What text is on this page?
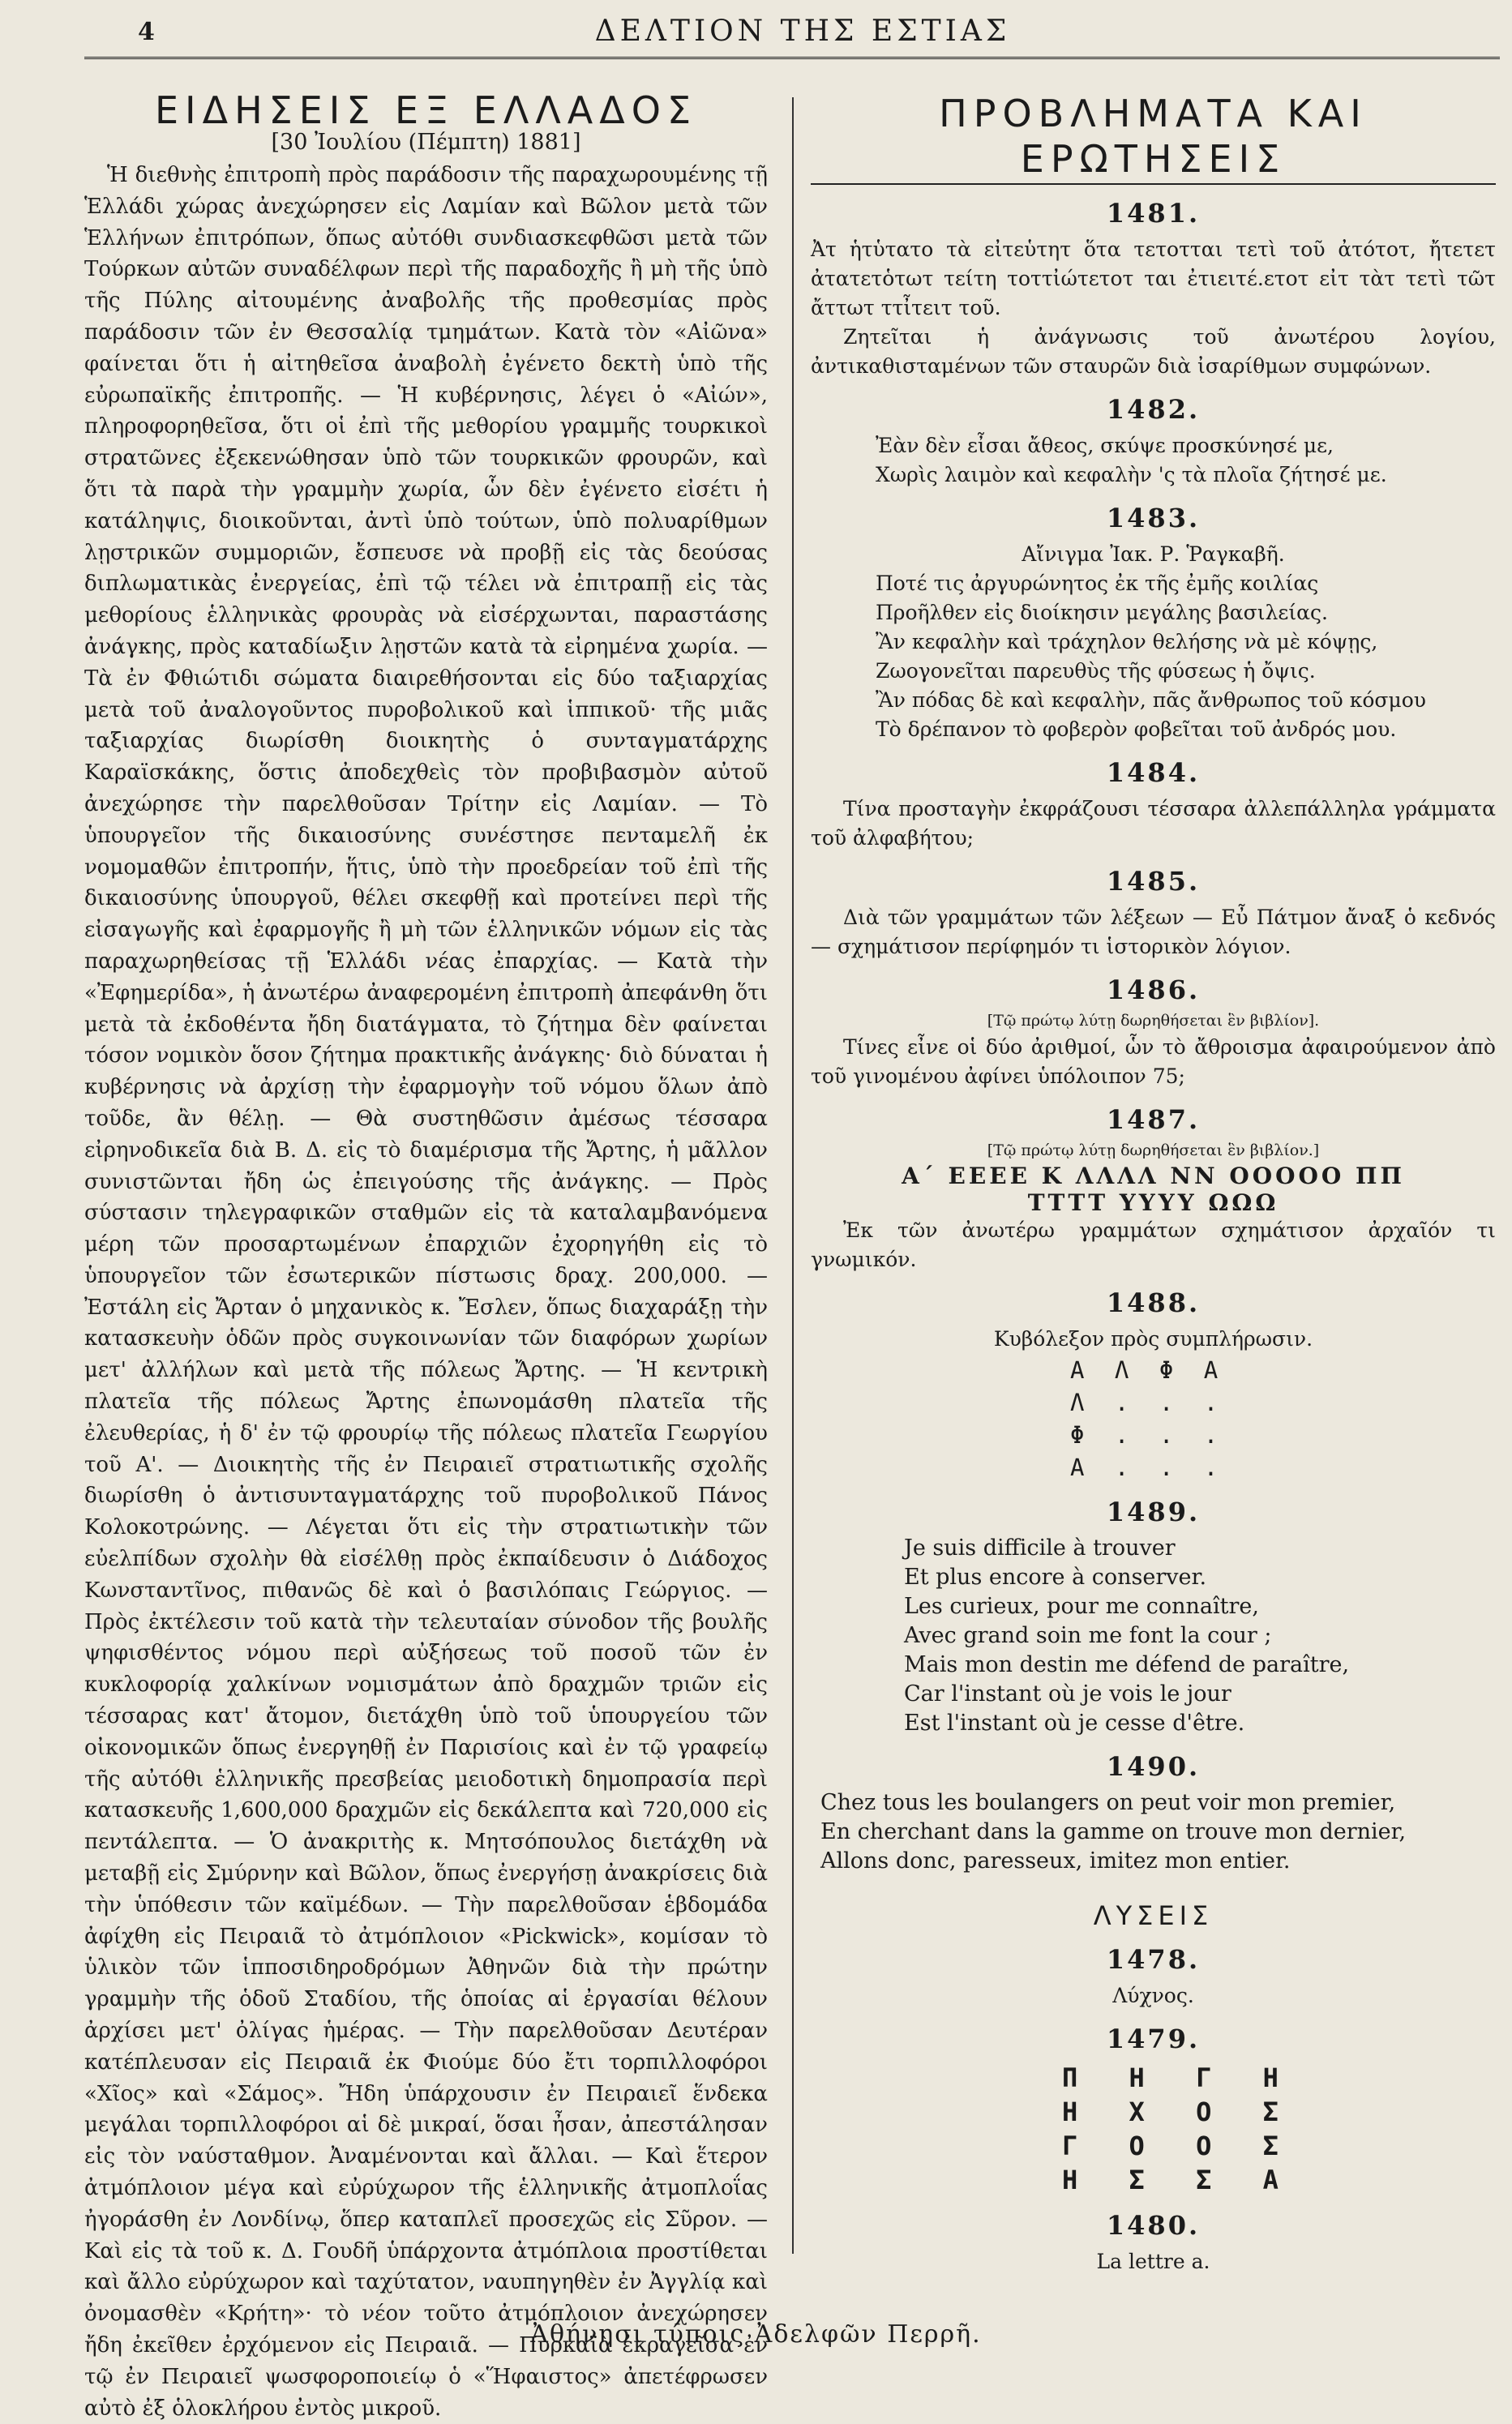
4	ΔΕΛΤΙΟΝ ΤΗΣ ΕΣΤΙΑΣ
ΕΙΔΗΣΕΙΣ ΕΞ ΕΛΛΑΔΟΣ
[30 Ἰουλίου (Πέμπτη) 1881]

Ἡ διεθνὴς ἐπιτροπὴ πρὸς παράδοσιν τῆς παραχωρουμένης τῇ Ἑλλάδι χώρας ἀνεχώρησεν εἰς Λαμίαν καὶ Βῶλον μετὰ τῶν Ἑλλήνων ἐπιτρόπων, ὅπως αὐτόθι συνδιασκεφθῶσι μετὰ τῶν Τούρκων αὐτῶν συναδέλφων περὶ τῆς παραδοχῆς ἢ μὴ τῆς ὑπὸ τῆς Πύλης αἰτουμένης ἀναβολῆς τῆς προθεσμίας πρὸς παράδοσιν τῶν ἐν Θεσσαλίᾳ τμημάτων. Κατὰ τὸν «Αἰῶνα» φαίνεται ὅτι ἡ αἰτηθεῖσα ἀναβολὴ ἐγένετο δεκτὴ ὑπὸ τῆς εὐρωπαϊκῆς ἐπιτροπῆς. — Ἡ κυβέρνησις, λέγει ὁ «Αἰών», πληροφορηθεῖσα, ὅτι οἱ ἐπὶ τῆς μεθορίου γραμμῆς τουρκικοὶ στρατῶνες ἐξεκενώθησαν ὑπὸ τῶν τουρκικῶν φρουρῶν, καὶ ὅτι τὰ παρὰ τὴν γραμμὴν χωρία, ὧν δὲν ἐγένετο εἰσέτι ἡ κατάληψις, διοικοῦνται, ἀντὶ ὑπὸ τούτων, ὑπὸ πολυαρίθμων λῃστρικῶν συμμοριῶν, ἔσπευσε νὰ προβῇ εἰς τὰς δεούσας διπλωματικὰς ἐνεργείας, ἐπὶ τῷ τέλει νὰ ἐπιτραπῇ εἰς τὰς μεθορίους ἑλληνικὰς φρουρὰς νὰ εἰσέρχωνται, παραστάσης ἀνάγκης, πρὸς καταδίωξιν λῃστῶν κατὰ τὰ εἰρημένα χωρία. — Τὰ ἐν Φθιώτιδι σώματα διαιρεθήσονται εἰς δύο ταξιαρχίας μετὰ τοῦ ἀναλογοῦντος πυροβολικοῦ καὶ ἱππικοῦ· τῆς μιᾶς ταξιαρχίας διωρίσθη διοικητὴς ὁ συνταγματάρχης Καραϊσκάκης, ὅστις ἀποδεχθεὶς τὸν προβιβασμὸν αὐτοῦ ἀνεχώρησε τὴν παρελθοῦσαν Τρίτην εἰς Λαμίαν. — Τὸ ὑπουργεῖον τῆς δικαιοσύνης συνέστησε πενταμελῆ ἐκ νομομαθῶν ἐπιτροπήν, ἥτις, ὑπὸ τὴν προεδρείαν τοῦ ἐπὶ τῆς δικαιοσύνης ὑπουργοῦ, θέλει σκεφθῇ καὶ προτείνει περὶ τῆς εἰσαγωγῆς καὶ ἐφαρμογῆς ἢ μὴ τῶν ἑλληνικῶν νόμων εἰς τὰς παραχωρηθείσας τῇ Ἑλλάδι νέας ἐπαρχίας. — Κατὰ τὴν «Ἐφημερίδα», ἡ ἀνωτέρω ἀναφερομένη ἐπιτροπὴ ἀπεφάνθη ὅτι μετὰ τὰ ἐκδοθέντα ἤδη διατάγματα, τὸ ζήτημα δὲν φαίνεται τόσον νομικὸν ὅσον ζήτημα πρακτικῆς ἀνάγκης· διὸ δύναται ἡ κυβέρνησις νὰ ἀρχίσῃ τὴν ἐφαρμογὴν τοῦ νόμου ὅλων ἀπὸ τοῦδε, ἂν θέλῃ. — Θὰ συστηθῶσιν ἀμέσως τέσσαρα εἰρηνοδικεῖα διὰ Β. Δ. εἰς τὸ διαμέρισμα τῆς Ἄρτης, ἡ μᾶλλον συνιστῶνται ἤδη ὡς ἐπειγούσης τῆς ἀνάγκης. — Πρὸς σύστασιν τηλεγραφικῶν σταθμῶν εἰς τὰ καταλαμβανόμενα μέρη τῶν προσαρτωμένων ἐπαρχιῶν ἐχορηγήθη εἰς τὸ ὑπουργεῖον τῶν ἐσωτερικῶν πίστωσις δραχ. 200,000. — Ἐστάλη εἰς Ἄρταν ὁ μηχανικὸς κ. Ἔσλεν, ὅπως διαχαράξῃ τὴν κατασκευὴν ὁδῶν πρὸς συγκοινωνίαν τῶν διαφόρων χωρίων μετ' ἀλλήλων καὶ μετὰ τῆς πόλεως Ἄρτης. — Ἡ κεντρικὴ πλατεῖα τῆς πόλεως Ἄρτης ἐπωνομάσθη πλατεῖα τῆς ἐλευθερίας, ἡ δ' ἐν τῷ φρουρίῳ τῆς πόλεως πλατεῖα Γεωργίου τοῦ Α'. — Διοικητὴς τῆς ἐν Πειραιεῖ στρατιωτικῆς σχολῆς διωρίσθη ὁ ἀντισυνταγματάρχης τοῦ πυροβολικοῦ Πάνος Κολοκοτρώνης. — Λέγεται ὅτι εἰς τὴν στρατιωτικὴν τῶν εὐελπίδων σχολὴν θὰ εἰσέλθῃ πρὸς ἐκπαίδευσιν ὁ Διάδοχος Κωνσταντῖνος, πιθανῶς δὲ καὶ ὁ βασιλόπαις Γεώργιος. — Πρὸς ἐκτέλεσιν τοῦ κατὰ τὴν τελευταίαν σύνοδον τῆς βουλῆς ψηφισθέντος νόμου περὶ αὐξήσεως τοῦ ποσοῦ τῶν ἐν κυκλοφορίᾳ χαλκίνων νομισμάτων ἀπὸ δραχμῶν τριῶν εἰς τέσσαρας κατ' ἄτομον, διετάχθη ὑπὸ τοῦ ὑπουργείου τῶν οἰκονομικῶν ὅπως ἐνεργηθῇ ἐν Παρισίοις καὶ ἐν τῷ γραφείῳ τῆς αὐτόθι ἑλληνικῆς πρεσβείας μειοδοτικὴ δημοπρασία περὶ κατασκευῆς 1,600,000 δραχμῶν εἰς δεκάλεπτα καὶ 720,000 εἰς πεντάλεπτα. — Ὁ ἀνακριτὴς κ. Μητσόπουλος διετάχθη νὰ μεταβῇ εἰς Σμύρνην καὶ Βῶλον, ὅπως ἐνεργήσῃ ἀνακρίσεις διὰ τὴν ὑπόθεσιν τῶν καϊμέδων. — Τὴν παρελθοῦσαν ἑβδομάδα ἀφίχθη εἰς Πειραιᾶ τὸ ἀτμόπλοιον «Pickwick», κομίσαν τὸ ὑλικὸν τῶν ἱπποσιδηροδρόμων Ἀθηνῶν διὰ τὴν πρώτην γραμμὴν τῆς ὁδοῦ Σταδίου, τῆς ὁποίας αἱ ἐργασίαι θέλουν ἀρχίσει μετ' ὀλίγας ἡμέρας. — Τὴν παρελθοῦσαν Δευτέραν κατέπλευσαν εἰς Πειραιᾶ ἐκ Φιούμε δύο ἔτι τορπιλλοφόροι «Χῖος» καὶ «Σάμος». Ἤδη ὑπάρχουσιν ἐν Πειραιεῖ ἕνδεκα μεγάλαι τορπιλλοφόροι αἱ δὲ μικραί, ὅσαι ἦσαν, ἀπεστάλησαν εἰς τὸν ναύσταθμον. Ἀναμένονται καὶ ἄλλαι. — Καὶ ἕτερον ἀτμόπλοιον μέγα καὶ εὐρύχωρον τῆς ἑλληνικῆς ἀτμοπλοΐας ἠγοράσθη ἐν Λονδίνῳ, ὅπερ καταπλεῖ προσεχῶς εἰς Σῦρον. — Καὶ εἰς τὰ τοῦ κ. Δ. Γουδῆ ὑπάρχοντα ἀτμόπλοια προστίθεται καὶ ἄλλο εὐρύχωρον καὶ ταχύτατον, ναυπηγηθὲν ἐν Ἀγγλίᾳ καὶ ὀνομασθὲν «Κρήτη»· τὸ νέον τοῦτο ἀτμόπλοιον ἀνεχώρησεν ἤδη ἐκεῖθεν ἐρχόμενον εἰς Πειραιᾶ. — Πυρκαϊὰ ἐκραγεῖσα ἐν τῷ ἐν Πειραιεῖ ψωσφοροποιείῳ ὁ «Ἥφαιστος» ἀπετέφρωσεν αὐτὸ ἐξ ὁλοκλήρου ἐντὸς μικροῦ.

ΠΡΟΒΛΗΜΑΤΑ ΚΑΙ ΕΡΩΤΗΣΕΙΣ
1481.

Ἀτ ἡτὑτατο τὰ εἰτεὑτητ ὅτα τετοτται τετὶ τοῦ ἀτότοτ, ἤτετετ ἀτατετὁτωτ τείτη τοττἰώτετοτ ται ἐτιειτέ.ετοτ εἰτ τὰτ τετὶ τῶτ ἄττωτ ττἶτειτ τοῦ.

Ζητεῖται ἡ ἀνάγνωσις τοῦ ἀνωτέρου λογίου, ἀντικαθισταμένων τῶν σταυρῶν διὰ ἰσαρίθμων συμφώνων.

1482.
Ἐὰν δὲν εἶσαι ἄθεος, σκύψε προσκύνησέ με,
Χωρὶς λαιμὸν καὶ κεφαλὴν 'ς τὰ πλοῖα ζήτησέ με.
1483.

Αἴνιγμα Ἰακ. Ρ. Ῥαγκαβῆ.

Ποτέ τις ἀργυρώνητος ἐκ τῆς ἐμῆς κοιλίας
Προῆλθεν εἰς διοίκησιν μεγάλης βασιλείας.
Ἂν κεφαλὴν καὶ τράχηλον θελήσης νὰ μὲ κόψῃς,
Ζωογονεῖται παρευθὺς τῆς φύσεως ἡ ὄψις.
Ἂν πόδας δὲ καὶ κεφαλὴν, πᾶς ἄνθρωπος τοῦ κόσμου
Τὸ δρέπανον τὸ φοβερὸν φοβεῖται τοῦ ἀνδρός μου.
1484.

Τίνα προσταγὴν ἐκφράζουσι τέσσαρα ἀλλεπάλληλα γράμματα τοῦ ἀλφαβήτου;

1485.

Διὰ τῶν γραμμάτων τῶν λέξεων — Εὖ Πάτμον ἄναξ ὁ κεδνός — σχημάτισον περίφημόν τι ἱστορικὸν λόγιον.

1486.
[Τῷ πρώτῳ λύτῃ δωρηθήσεται ἓν βιβλίον].

Τίνες εἶνε οἱ δύο ἀριθμοί, ὧν τὸ ἄθροισμα ἀφαιρούμενον ἀπὸ τοῦ γινομένου ἀφίνει ὑπόλοιπον 75;

1487.
[Τῷ πρώτῳ λύτῃ δωρηθήσεται ἓν βιβλίον.]
Α΄ ΕΕΕΕ Κ ΛΛΛΛ ΝΝ ΟΟΟΟΟ ΠΠ
ΤΤΤΤ ΥΥΥΥ ΩΩΩ

Ἐκ τῶν ἀνωτέρω γραμμάτων σχημάτισον ἀρχαῖόν τι γνωμικόν.

1488.

Κυβόλεξον πρὸς συμπλήρωσιν.

Α Λ Φ Α
Λ . . .
Φ . . .
Α . . .
1489.
Je suis difficile à trouver
Et plus encore à conserver.
Les curieux, pour me connaître,
Avec grand soin me font la cour ;
Mais mon destin me défend de paraître,
Car l'instant où je vois le jour
Est l'instant où je cesse d'être.
1490.
Chez tous les boulangers on peut voir mon premier,
En cherchant dans la gamme on trouve mon dernier,
Allons donc, paresseux, imitez mon entier.
ΛΥΣΕΙΣ
1478.

Λύχνος.

1479.
Π Η Γ Η
Η Χ Ο Σ
Γ Ο Ο Σ
Η Σ Σ Α
1480.

La lettre a.

Ἀθήνησι τύποις Ἀδελφῶν Περρῆ.
